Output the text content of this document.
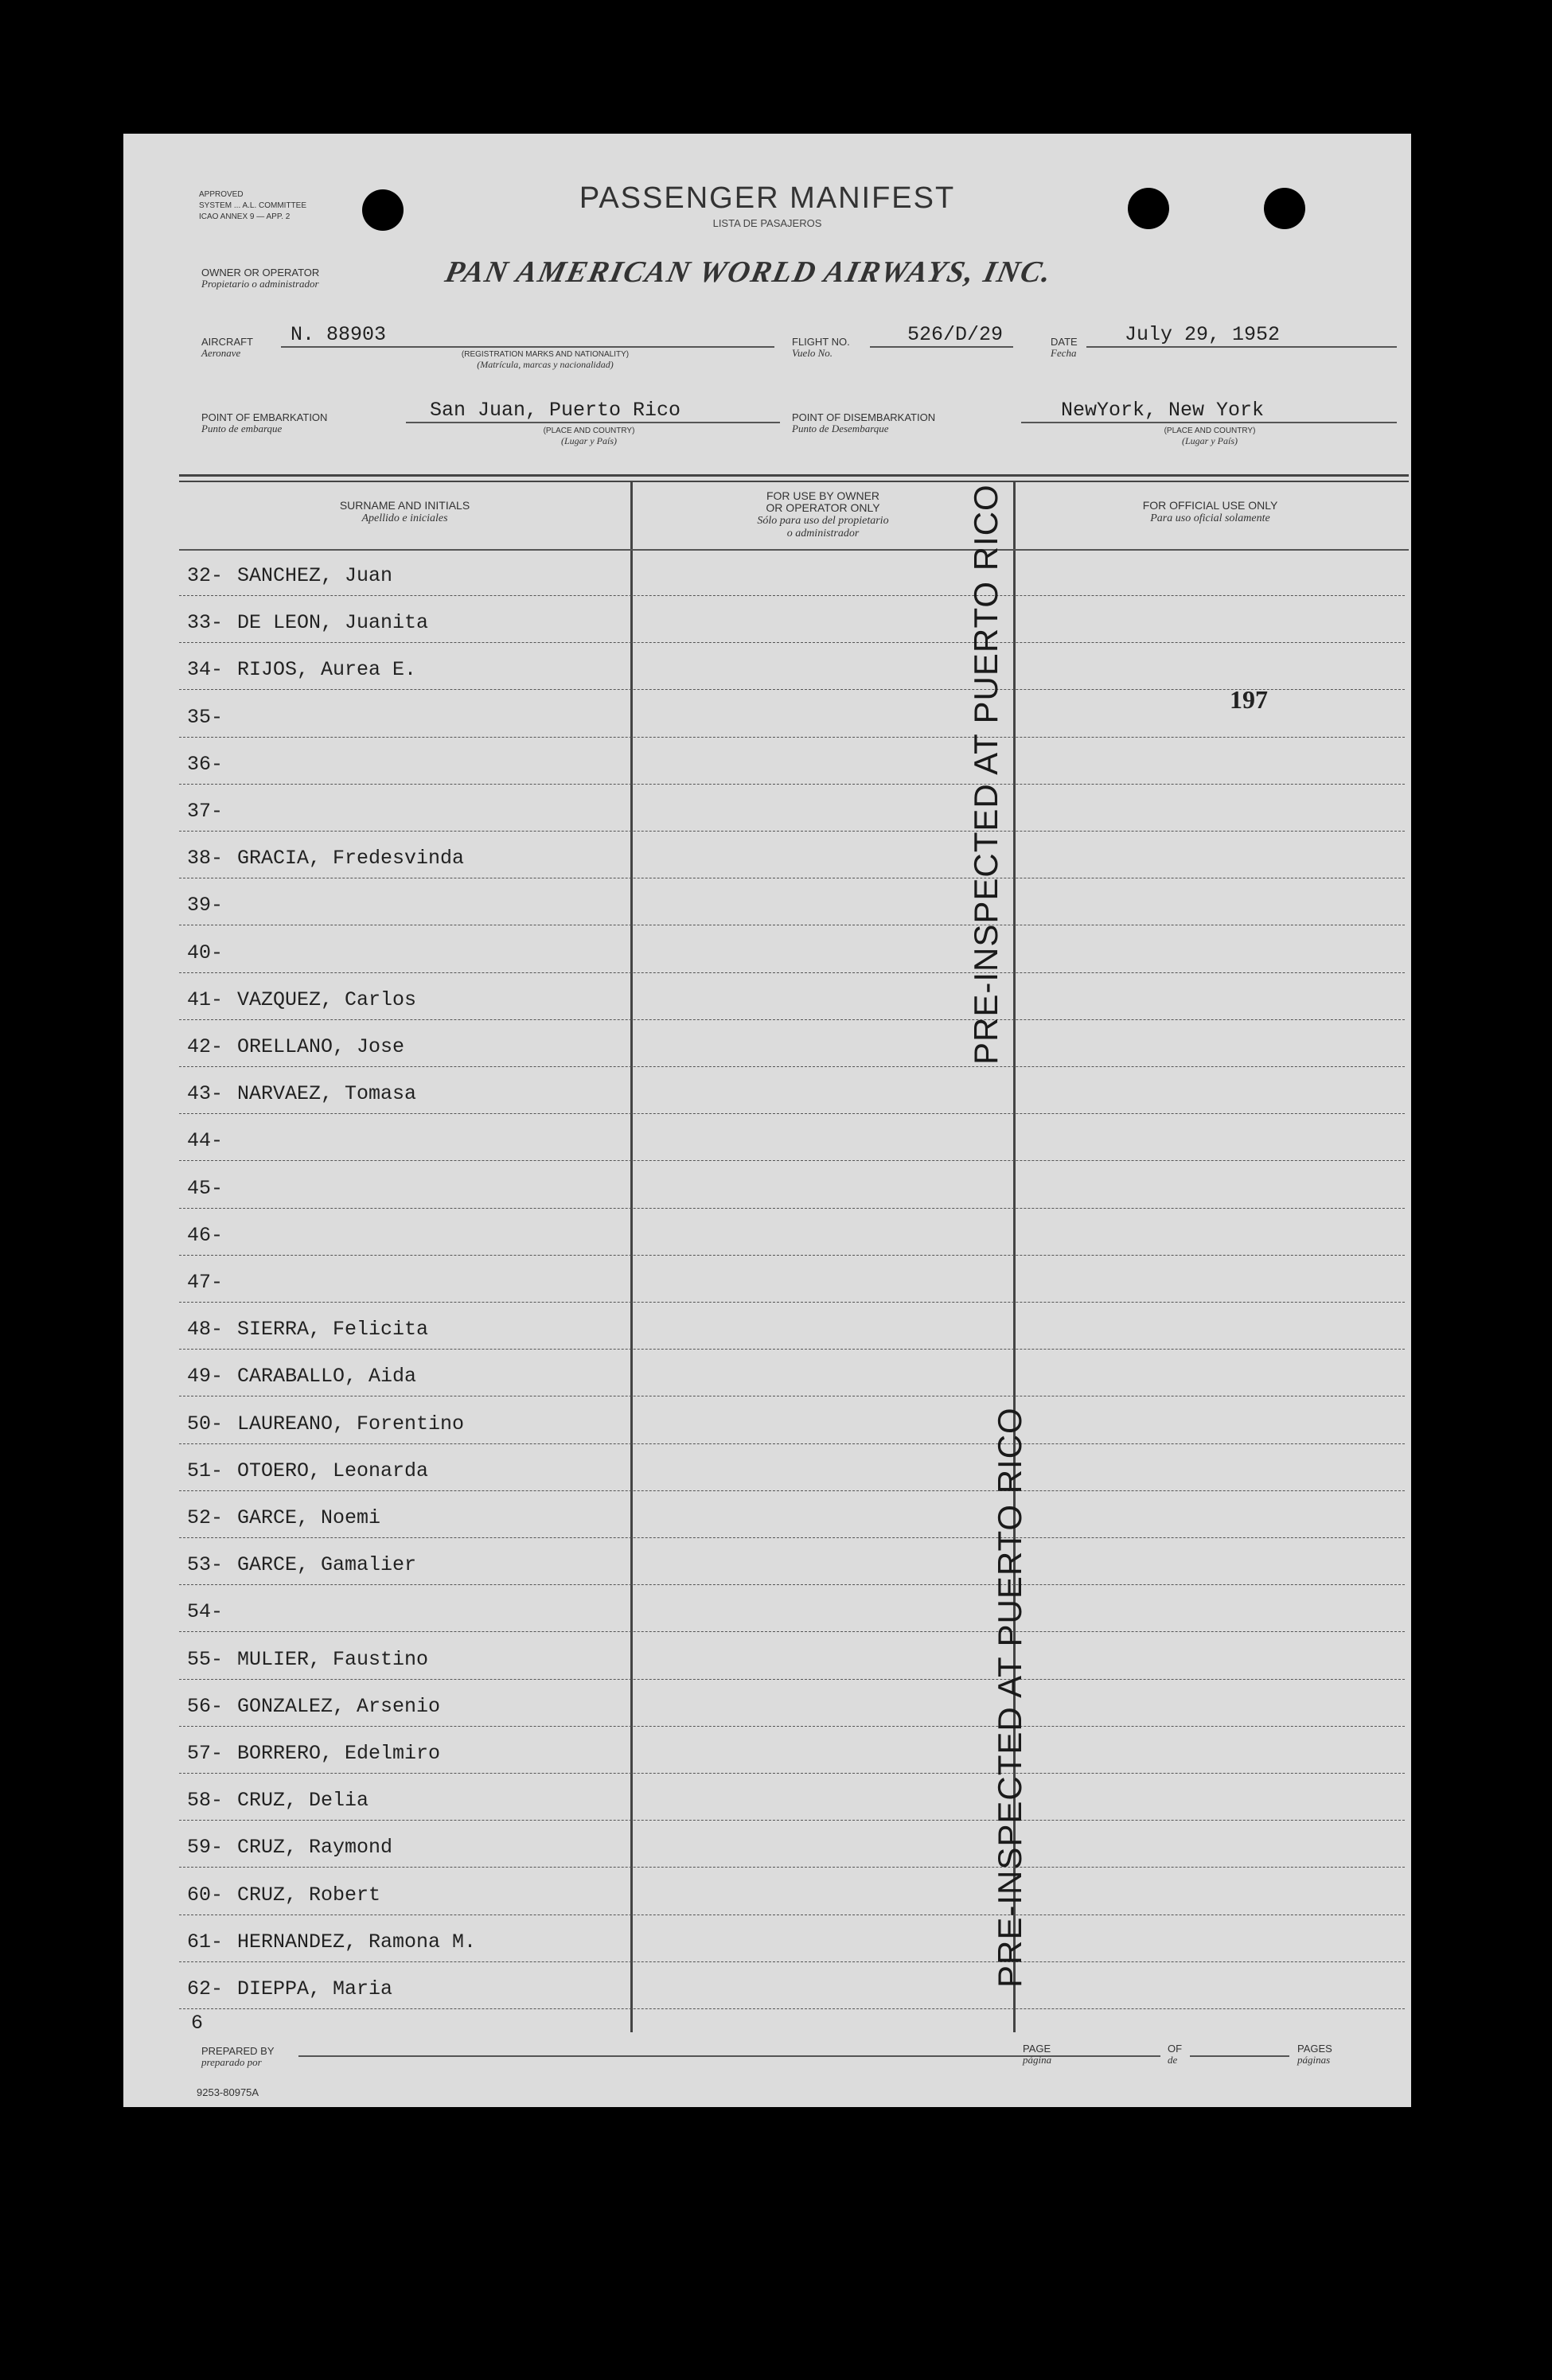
APPROVED
SYSTEM ... A.L. COMMITTEE
ICAO ANNEX 9 — APP. 2
PASSENGER MANIFEST
LISTA DE PASAJEROS
OWNER OR OPERATOR
Propietario o administrador	PAN AMERICAN WORLD AIRWAYS, INC.
AIRCRAFT
Aeronave
N. 88903
(REGISTRATION MARKS AND NATIONALITY)
(Matrícula, marcas y nacionalidad)
FLIGHT NO.
Vuelo No.
526/D/29	DATE
Fecha
July 29, 1952
POINT OF EMBARKATION
Punto de embarque
San Juan, Puerto Rico
(PLACE AND COUNTRY)
(Lugar y País)
POINT OF DISEMBARKATION
Punto de Desembarque
NewYork, New York
(PLACE AND COUNTRY)
(Lugar y País)
SURNAME AND INITIALS
Apellido e iniciales
FOR USE BY OWNER
OR OPERATOR ONLY
Sólo para uso del propietario
o administrador
FOR OFFICIAL USE ONLY
Para uso oficial solamente
32- SANCHEZ, Juan
33- DE LEON, Juanita
34- RIJOS, Aurea E.
35-
36-
37-
38- GRACIA, Fredesvinda
39-
40-
41- VAZQUEZ, Carlos
42- ORELLANO, Jose
43- NARVAEZ, Tomasa
44-
45-
46-
47-
48- SIERRA, Felicita
49- CARABALLO, Aida
50- LAUREANO, Forentino
51- OTOERO, Leonarda
52- GARCE, Noemi
53- GARCE, Gamalier
54-
55- MULIER, Faustino
56- GONZALEZ, Arsenio
57- BORRERO, Edelmiro
58- CRUZ, Delia
59- CRUZ, Raymond
60- CRUZ, Robert
61- HERNANDEZ, Ramona M.
62- DIEPPA, Maria
197
PRE-INSPECTED AT PUERTO RICO
PRE-INSPECTED AT PUERTO RICO
6
PREPARED BY
preparado por
PAGE
página
OF
de
PAGES
páginas
9253-80975A
